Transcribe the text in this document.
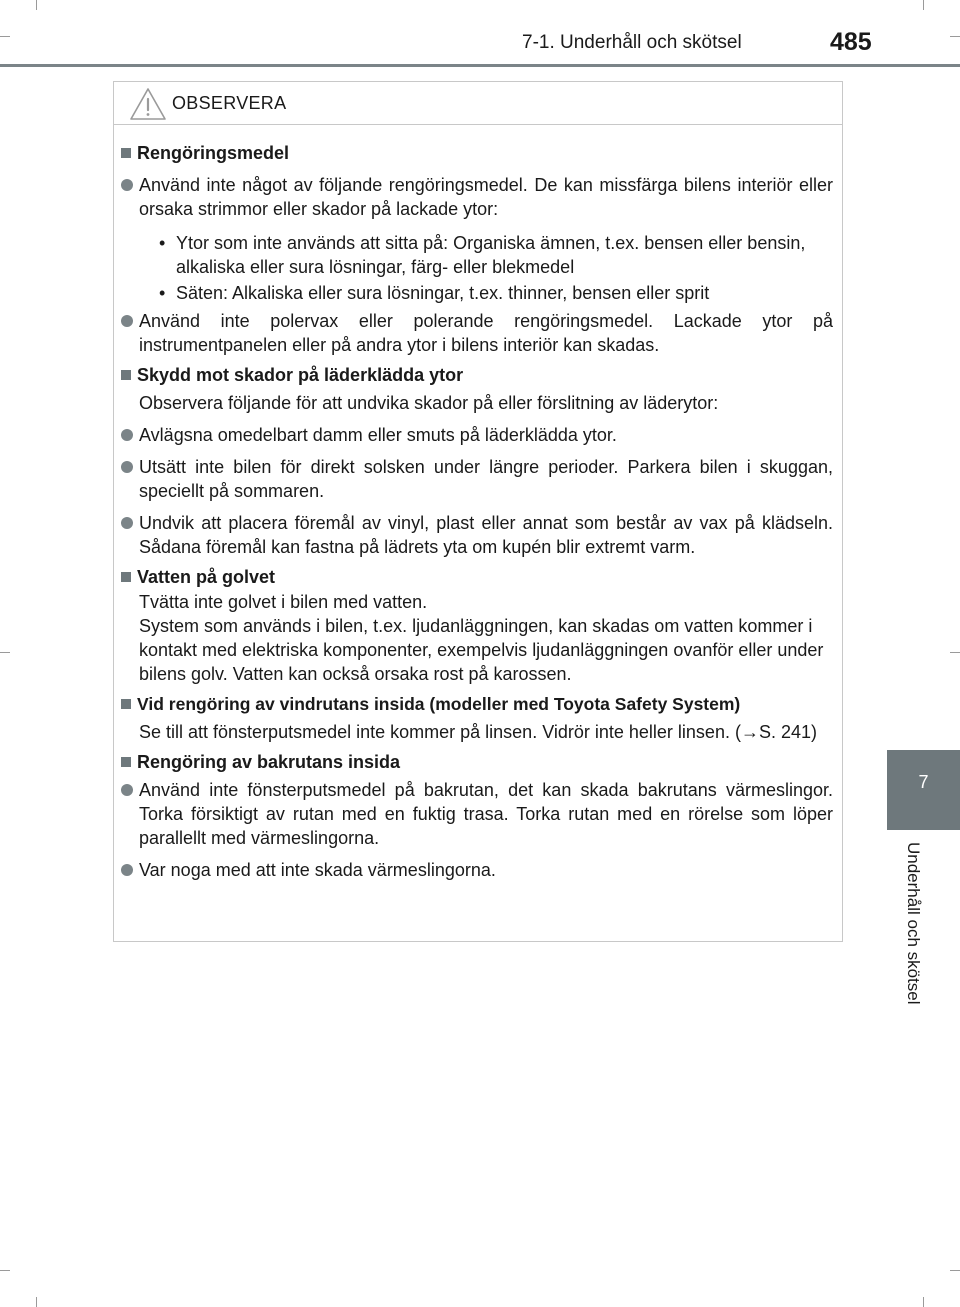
7-1. Underhåll och skötsel	485
7
Underhåll och skötsel
OBSERVERA
Rengöringsmedel
Använd inte något av följande rengöringsmedel. De kan missfärga bilens interiör eller orsaka strimmor eller skador på lackade ytor:
• Ytor som inte används att sitta på: Organiska ämnen, t.ex. bensen eller bensin, alkaliska eller sura lösningar, färg- eller blekmedel
• Säten: Alkaliska eller sura lösningar, t.ex. thinner, bensen eller sprit
Använd inte polervax eller polerande rengöringsmedel. Lackade ytor på instrumentpanelen eller på andra ytor i bilens interiör kan skadas.
Skydd mot skador på läderklädda ytor
Observera följande för att undvika skador på eller förslitning av läderytor:
Avlägsna omedelbart damm eller smuts på läderklädda ytor.
Utsätt inte bilen för direkt solsken under längre perioder. Parkera bilen i skuggan, speciellt på sommaren.
Undvik att placera föremål av vinyl, plast eller annat som består av vax på klädseln. Sådana föremål kan fastna på lädrets yta om kupén blir extremt varm.
Vatten på golvet
Tvätta inte golvet i bilen med vatten.
System som används i bilen, t.ex. ljudanläggningen, kan skadas om vatten kommer i kontakt med elektriska komponenter, exempelvis ljudanläggningen ovanför eller under bilens golv. Vatten kan också orsaka rost på karossen.
Vid rengöring av vindrutans insida (modeller med Toyota Safety System)
Se till att fönsterputsmedel inte kommer på linsen. Vidrör inte heller linsen. (→S. 241)
Rengöring av bakrutans insida
Använd inte fönsterputsmedel på bakrutan, det kan skada bakrutans värmeslingor. Torka försiktigt av rutan med en fuktig trasa. Torka rutan med en rörelse som löper parallellt med värmeslingorna.
Var noga med att inte skada värmeslingorna.
